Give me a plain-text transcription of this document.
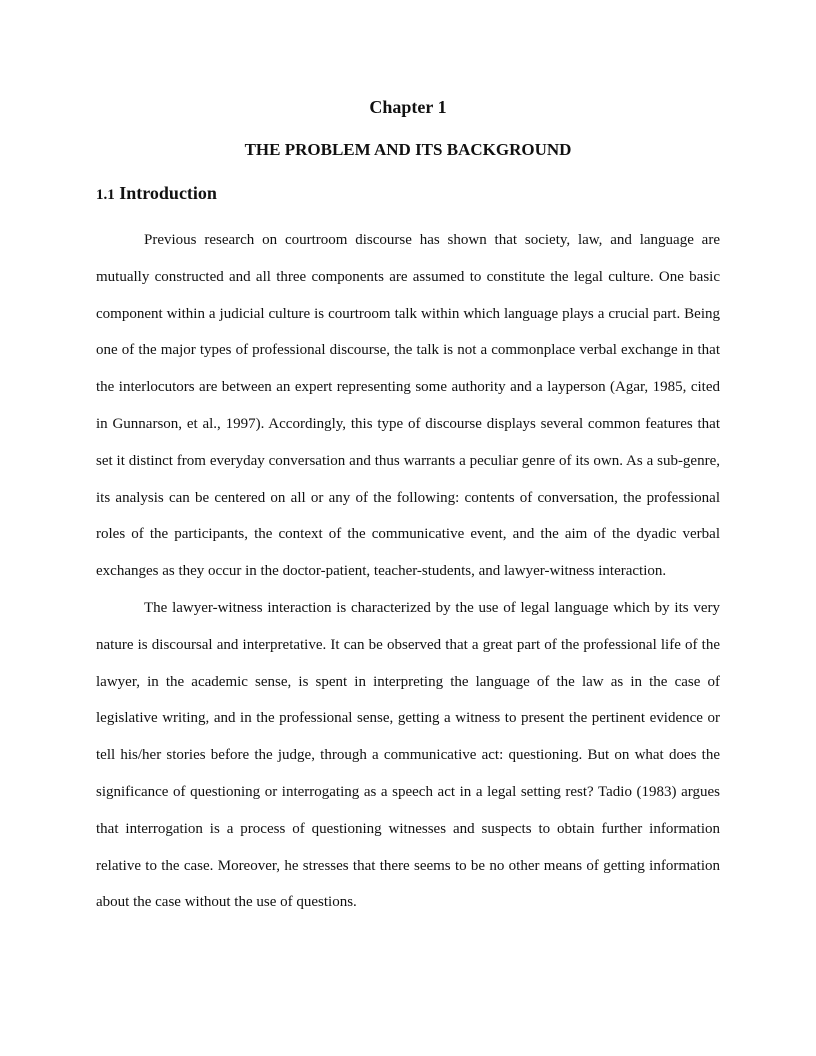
Chapter 1
THE PROBLEM AND ITS BACKGROUND
1.1 Introduction

Previous research on courtroom discourse has shown that society, law, and language are mutually constructed and all three components are assumed to constitute the legal culture. One basic component within a judicial culture is courtroom talk within which language plays a crucial part. Being one of the major types of professional discourse, the talk is not a commonplace verbal exchange in that the interlocutors are between an expert representing some authority and a layperson (Agar, 1985, cited in Gunnarson, et al., 1997). Accordingly, this type of discourse displays several common features that set it distinct from everyday conversation and thus warrants a peculiar genre of its own. As a sub-genre, its analysis can be centered on all or any of the following: contents of conversation, the professional roles of the participants, the context of the communicative event, and the aim of the dyadic verbal exchanges as they occur in the doctor-patient, teacher-students, and lawyer-witness interaction.

The lawyer-witness interaction is characterized by the use of legal language which by its very nature is discoursal and interpretative. It can be observed that a great part of the professional life of the lawyer, in the academic sense, is spent in interpreting the language of the law as in the case of legislative writing, and in the professional sense, getting a witness to present the pertinent evidence or tell his/her stories before the judge, through a communicative act: questioning. But on what does the significance of questioning or interrogating as a speech act in a legal setting rest? Tadio (1983) argues that interrogation is a process of questioning witnesses and suspects to obtain further information relative to the case. Moreover, he stresses that there seems to be no other means of getting information about the case without the use of questions.
